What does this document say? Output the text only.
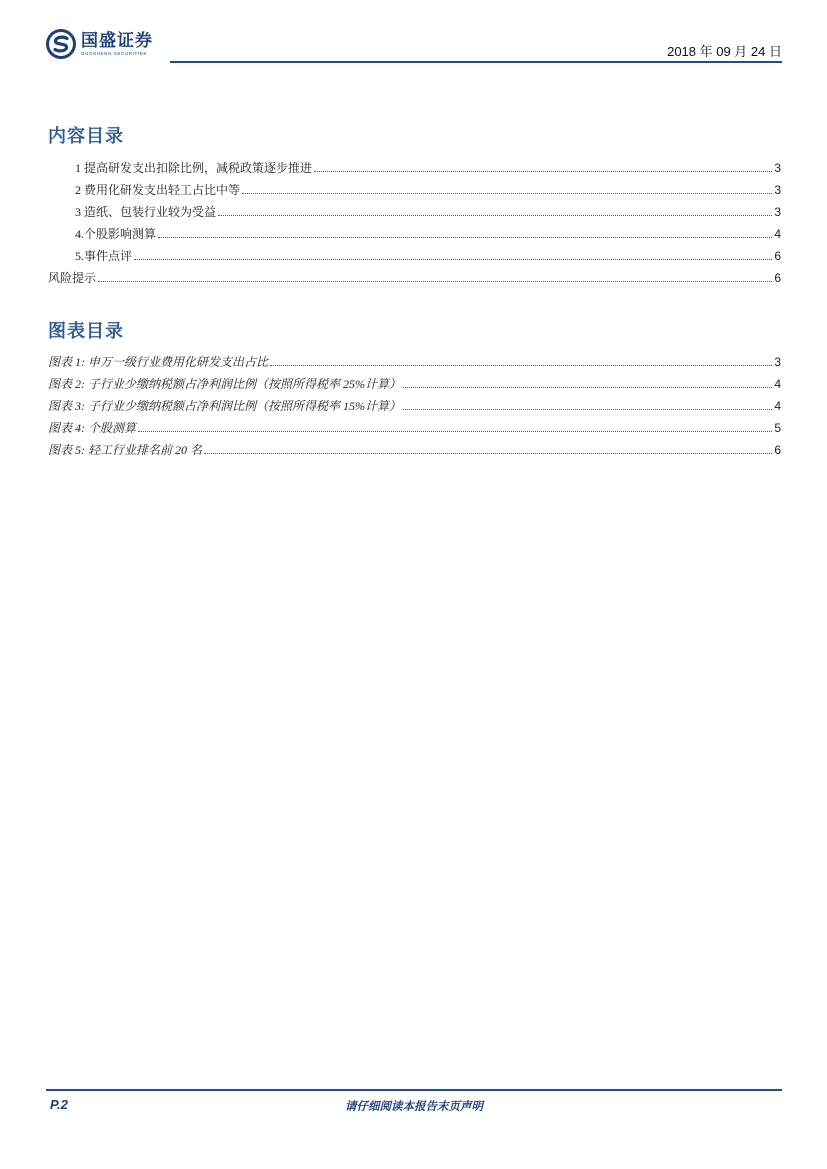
国盛证券
GUOSHENG SECURITIES	2018 年 09 月 24 日
内容目录
1 提高研发支出扣除比例，减税政策逐步推进	3
2 费用化研发支出轻工占比中等	3
3 造纸、包装行业较为受益	3
4.个股影响测算	4
5.事件点评	6
风险提示	6
图表目录
图表 1: 申万一级行业费用化研发支出占比	3
图表 2: 子行业少缴纳税额占净利润比例（按照所得税率 25%计算）	4
图表 3: 子行业少缴纳税额占净利润比例（按照所得税率 15%计算）	4
图表 4: 个股测算	5
图表 5: 轻工行业排名前 20 名	6
P.2	请仔细阅读本报告末页声明
